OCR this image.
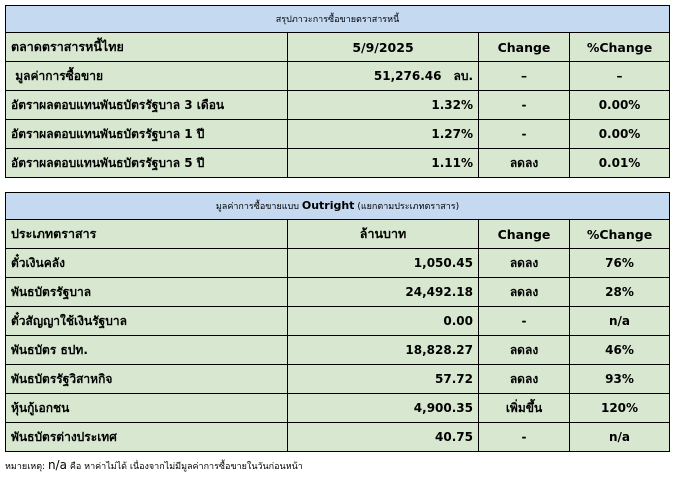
สรุปภาวะการซื้อขายตราสารหนี้			
ตลาดตราสารหนี้ไทย	5/9/2025	Change	%Change
มูลค่าการซื้อขาย	51,276.46 ลบ.	–	–
อัตราผลตอบแทนพันธบัตรรัฐบาล 3 เดือน	1.32%	-	0.00%
อัตราผลตอบแทนพันธบัตรรัฐบาล 1 ปี	1.27%	-	0.00%
อัตราผลตอบแทนพันธบัตรรัฐบาล 5 ปี	1.11%	ลดลง	0.01%
มูลค่าการซื้อขายแบบ Outright (แยกตามประเภทตราสาร)			
ประเภทตราสาร	ล้านบาท	Change	%Change
ตั๋วเงินคลัง	1,050.45	ลดลง	76%
พันธบัตรรัฐบาล	24,492.18	ลดลง	28%
ตั๋วสัญญาใช้เงินรัฐบาล	0.00	-	n/a
พันธบัตร ธปท.	18,828.27	ลดลง	46%
พันธบัตรรัฐวิสาหกิจ	57.72	ลดลง	93%
หุ้นกู้เอกชน	4,900.35	เพิ่มขึ้น	120%
พันธบัตรต่างประเทศ	40.75	-	n/a
หมายเหตุ: n/a คือ หาค่าไม่ได้ เนื่องจากไม่มีมูลค่าการซื้อขายในวันก่อนหน้า
